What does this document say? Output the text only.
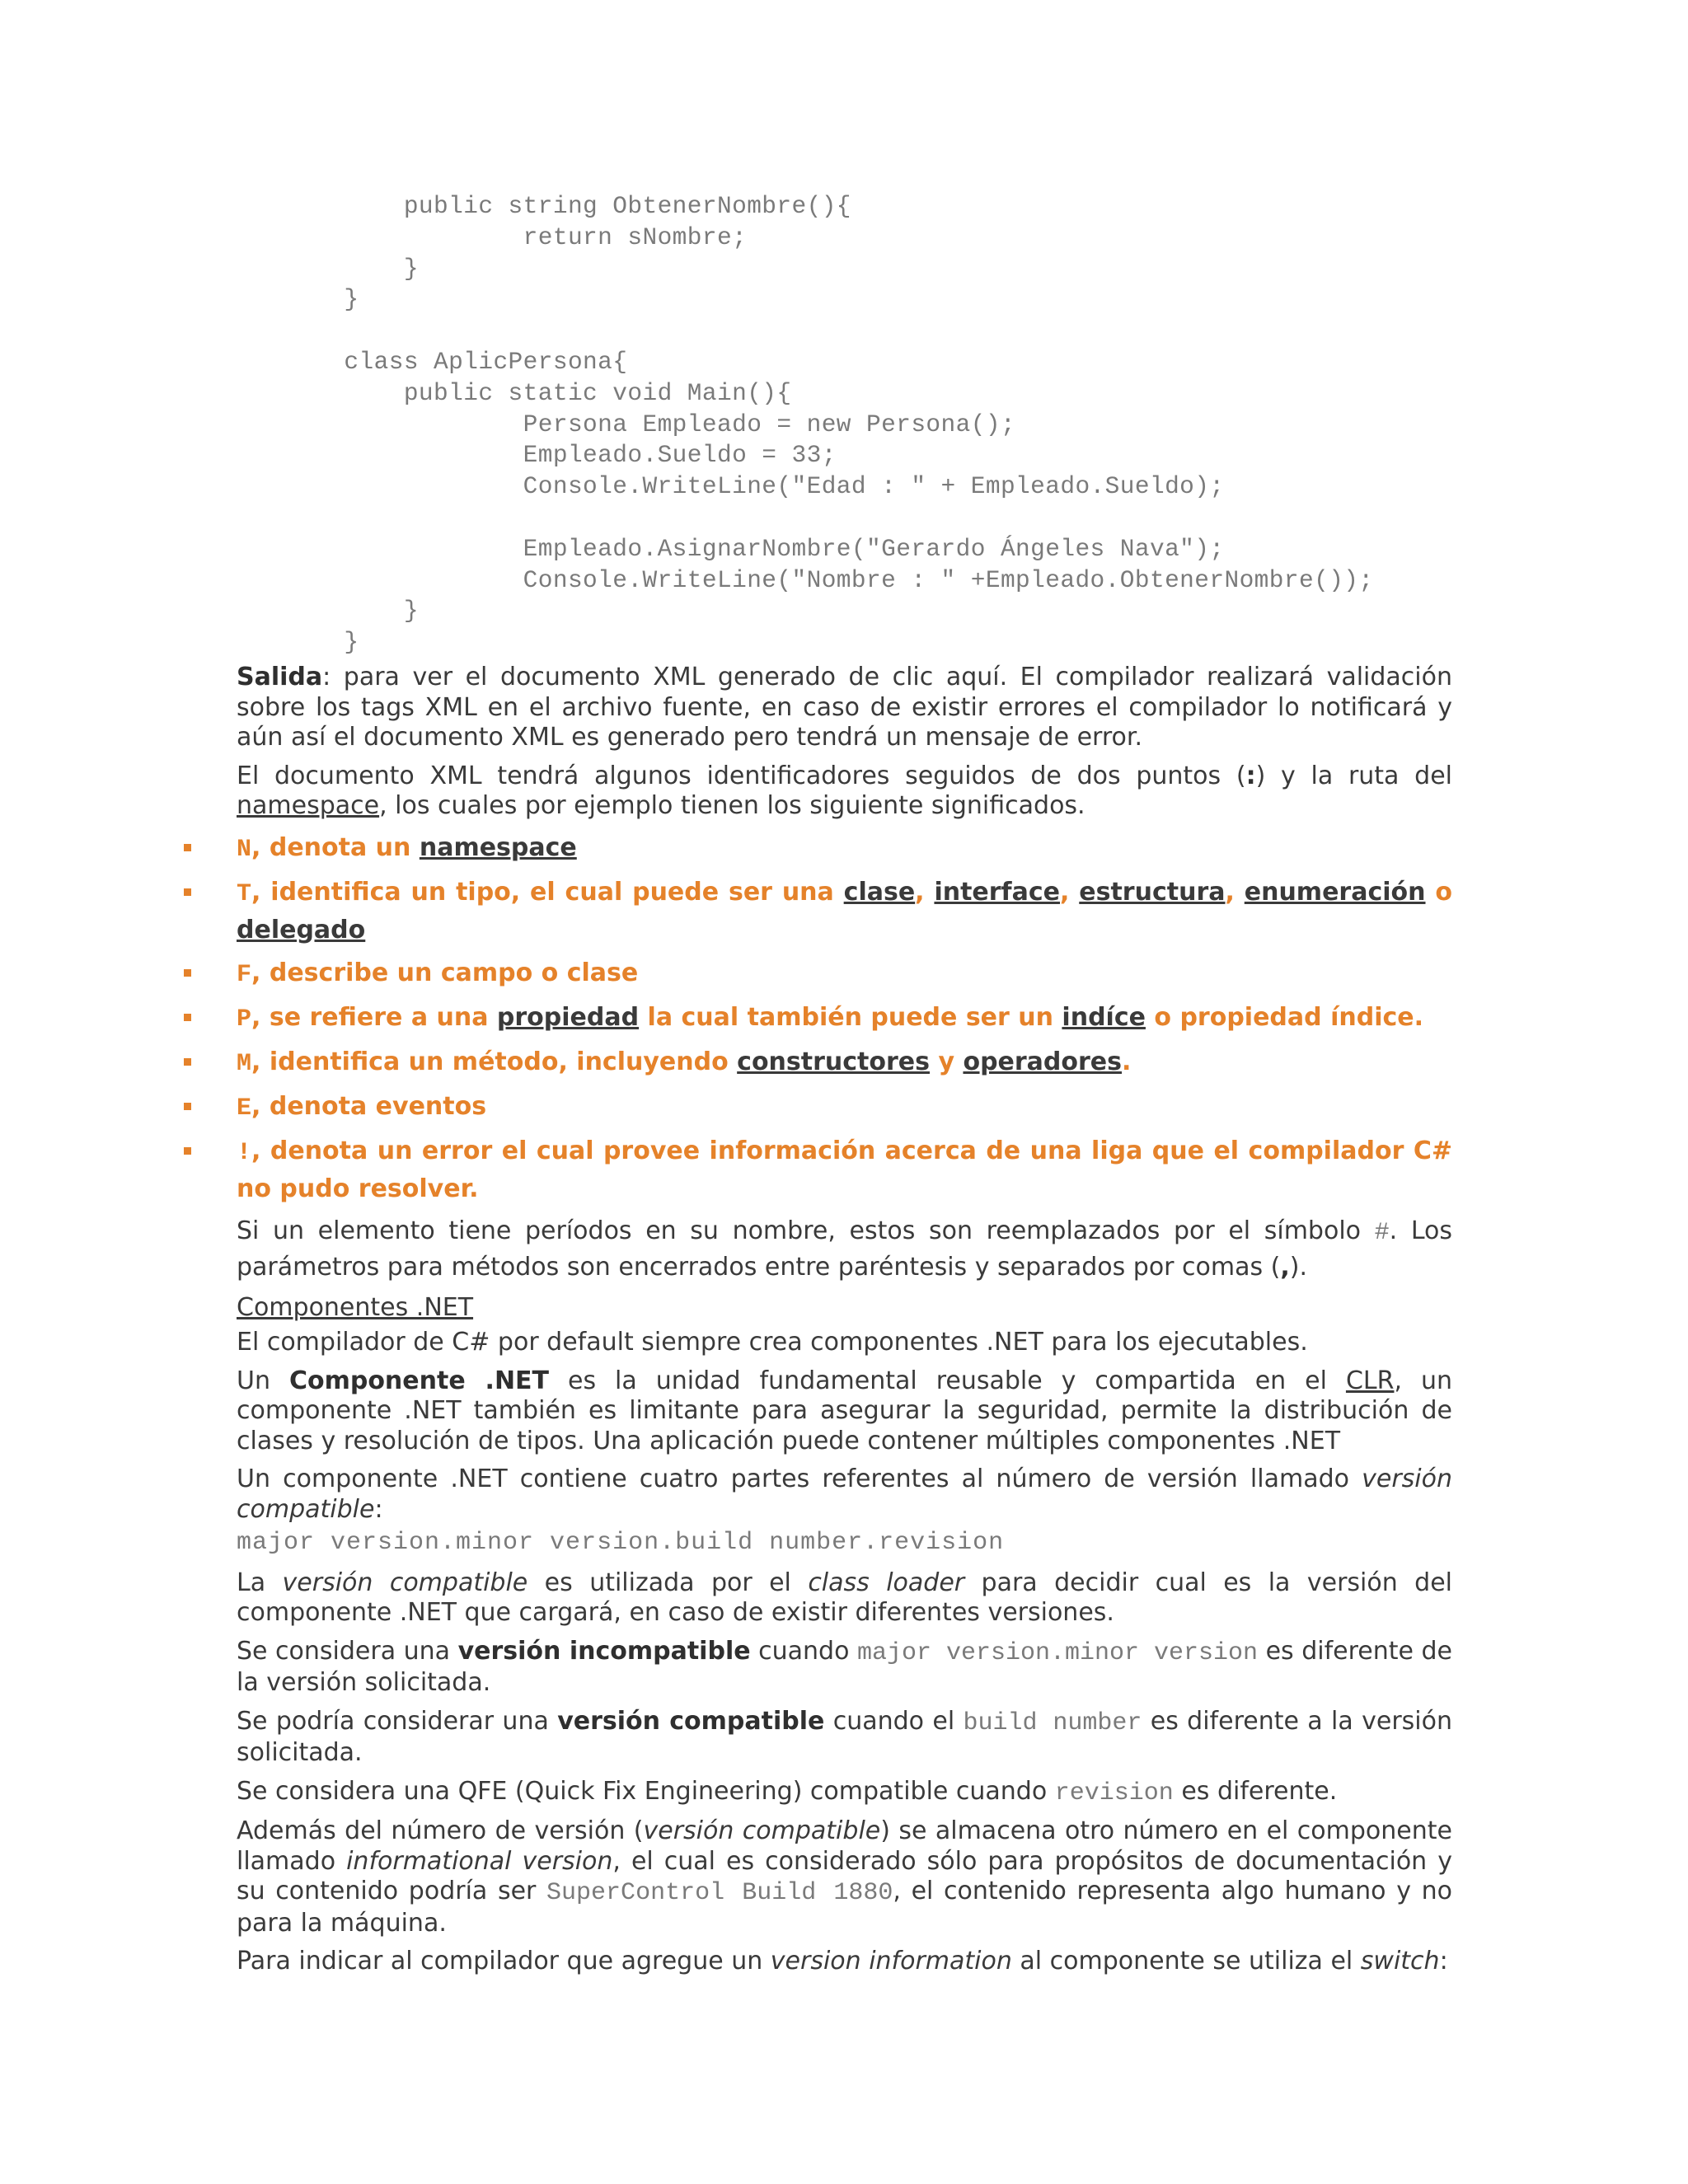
public string ObtenerNombre(){
return sNombre;
}
}
class AplicPersona{
public static void Main(){
Persona Empleado = new Persona();
Empleado.Sueldo = 33;
Console.WriteLine("Edad : " + Empleado.Sueldo);
Empleado.AsignarNombre("Gerardo Ángeles Nava");
Console.WriteLine("Nombre : " +Empleado.ObtenerNombre());
}
}

Salida: para ver el documento XML generado de clic aquí. El compilador realizará validación sobre los tags XML en el archivo fuente, en caso de existir errores el compilador lo notificará y aún así el documento XML es generado pero tendrá un mensaje de error.

El documento XML tendrá algunos identificadores seguidos de dos puntos (:) y la ruta del namespace, los cuales por ejemplo tienen los siguiente significados.

N, denota un namespace
T, identifica un tipo, el cual puede ser una clase, interface, estructura, enumeración o delegado
F, describe un campo o clase
P, se refiere a una propiedad la cual también puede ser un indíce o propiedad índice.
M, identifica un método, incluyendo constructores y operadores.
E, denota eventos
!, denota un error el cual provee información acerca de una liga que el compilador C# no pudo resolver.

Si un elemento tiene períodos en su nombre, estos son reemplazados por el símbolo #. Los parámetros para métodos son encerrados entre paréntesis y separados por comas (,).

Componentes .NET

El compilador de C# por default siempre crea componentes .NET para los ejecutables.

Un Componente .NET es la unidad fundamental reusable y compartida en el CLR, un componente .NET también es limitante para asegurar la seguridad, permite la distribución de clases y resolución de tipos. Una aplicación puede contener múltiples componentes .NET

Un componente .NET contiene cuatro partes referentes al número de versión llamado versión compatible:

major version.minor version.build number.revision

La versión compatible es utilizada por el class loader para decidir cual es la versión del componente .NET que cargará, en caso de existir diferentes versiones.

Se considera una versión incompatible cuando major version.minor version es diferente de la versión solicitada.

Se podría considerar una versión compatible cuando el build number es diferente a la versión solicitada.

Se considera una QFE (Quick Fix Engineering) compatible cuando revision es diferente.

Además del número de versión (versión compatible) se almacena otro número en el componente llamado informational version, el cual es considerado sólo para propósitos de documentación y su contenido podría ser SuperControl Build 1880, el contenido representa algo humano y no para la máquina.

Para indicar al compilador que agregue un version information al componente se utiliza el switch:
